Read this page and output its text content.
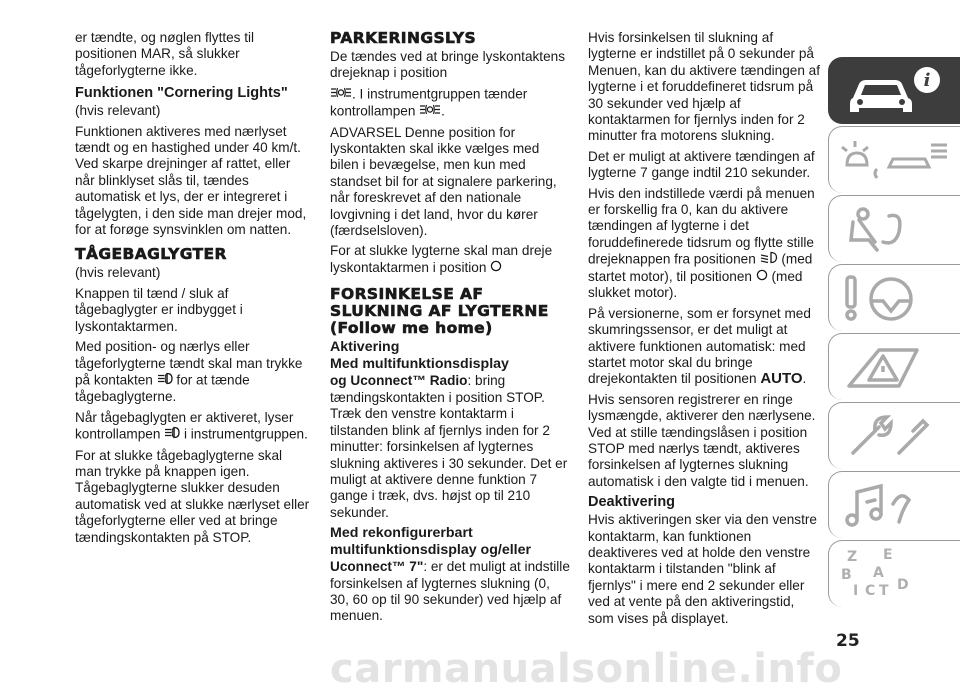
er tændte, og nøglen flyttes til positionen MAR, så slukker tågeforlygterne ikke.

Funktionen "Cornering Lights"

(hvis relevant)

Funktionen aktiveres med nærlyset tændt og en hastighed under 40 km/t. Ved skarpe drejninger af rattet, eller når blinklyset slås til, tændes automatisk et lys, der er integreret i tågelygten, i den side man drejer mod, for at forøge synsvinklen om natten.

TÅGEBAGLYGTER

(hvis relevant)

Knappen til tænd / sluk af tågebaglygter er indbygget i lyskontaktarmen.

Med position- og nærlys eller tågeforlygterne tændt skal man trykke på kontakten for at tænde tågebaglygterne.

Når tågebaglygten er aktiveret, lyser kontrollampen i instrumentgruppen.

For at slukke tågebaglygterne skal man trykke på knappen igen. Tågebaglygterne slukker desuden automatisk ved at slukke nærlyset eller tågeforlygterne eller ved at bringe tændingskontakten på STOP.

PARKERINGSLYS

De tændes ved at bringe lyskontaktens drejeknap i position

. I instrumentgruppen tænder kontrollampen .

ADVARSEL Denne position for lyskontakten skal ikke vælges med bilen i bevægelse, men kun med standset bil for at signalere parkering, når foreskrevet af den nationale lovgivning i det land, hvor du kører (færdselsloven).

For at slukke lygterne skal man dreje lyskontaktarmen i position

FORSINKELSE AF

SLUKNING AF LYGTERNE

(Follow me home)

Aktivering

Med multifunktionsdisplay

og Uconnect™ Radio: bring tændingskontakten i position STOP. Træk den venstre kontaktarm i tilstanden blink af fjernlys inden for 2 minutter: forsinkelsen af lygternes slukning aktiveres i 30 sekunder. Det er muligt at aktivere denne funktion 7 gange i træk, dvs. højst op til 210 sekunder.

Med rekonfigurerbart

multifunktionsdisplay og/eller

Uconnect™ 7": er det muligt at indstille forsinkelsen af lygternes slukning (0, 30, 60 op til 90 sekunder) ved hjælp af menuen.

Hvis forsinkelsen til slukning af lygterne er indstillet på 0 sekunder på Menuen, kan du aktivere tændingen af lygterne i et foruddefineret tidsrum på 30 sekunder ved hjælp af kontaktarmen for fjernlys inden for 2 minutter fra motorens slukning.

Det er muligt at aktivere tændingen af lygterne 7 gange indtil 210 sekunder.

Hvis den indstillede værdi på menuen er forskellig fra 0, kan du aktivere tændingen af lygterne i det foruddefinerede tidsrum og flytte stille drejeknappen fra positionen (med startet motor), til positionen (med slukket motor).

På versionerne, som er forsynet med skumringssensor, er det muligt at aktivere funktionen automatisk: med startet motor skal du bringe drejekontakten til positionen AUTO.

Hvis sensoren registrerer en ringe lysmængde, aktiverer den nærlysene. Ved at stille tændingslåsen i position STOP med nærlys tændt, aktiveres forsinkelsen af lygternes slukning automatisk i den valgte tid i menuen.

Deaktivering

Hvis aktiveringen sker via den venstre kontaktarm, kan funktionen deaktiveres ved at holde den venstre kontaktarm i tilstanden "blink af fjernlys" i mere end 2 sekunder eller ved at vente på den aktiveringstid, som vises på displayet.

i
Z E
B A
I C T D
25
carmanualsonline.info
